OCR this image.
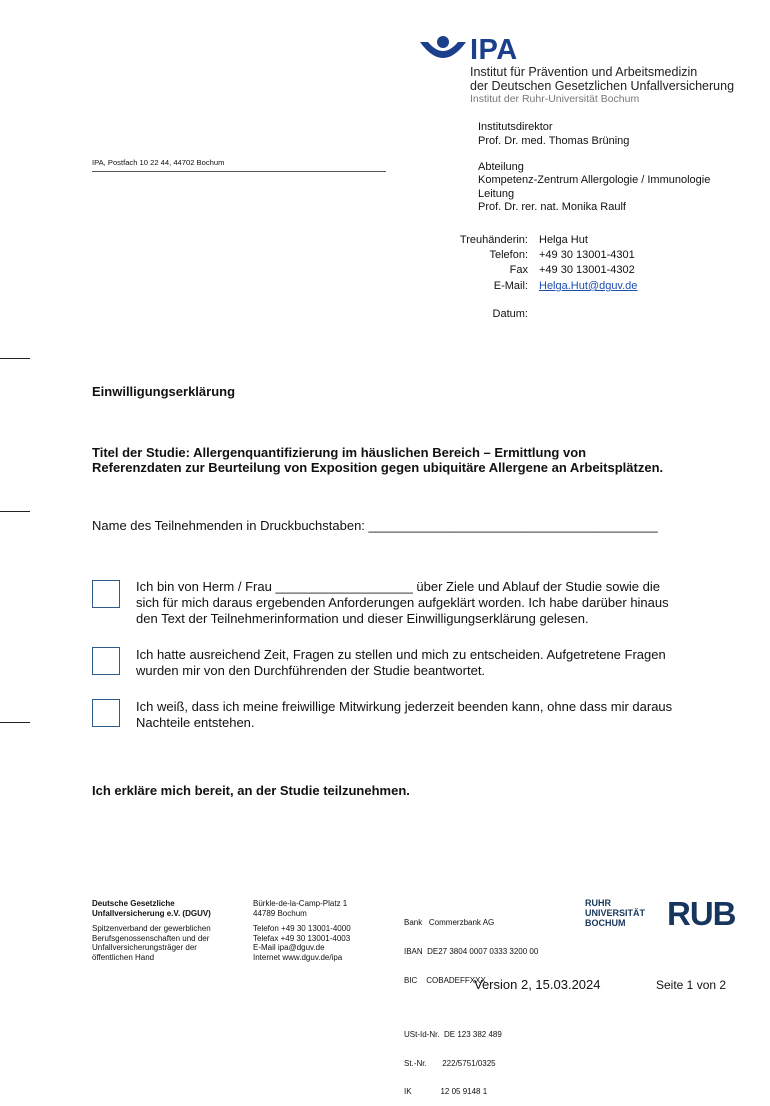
IPA
Institut für Prävention und Arbeitsmedizin
der Deutschen Gesetzlichen Unfallversicherung
Institut der Ruhr-Universität Bochum
Institutsdirektor
Prof. Dr. med. Thomas Brüning
IPA, Postfach 10 22 44, 44702 Bochum	Abteilung
Kompetenz-Zentrum Allergologie / Immunologie
Leitung
Prof. Dr. rer. nat. Monika Raulf
Treuhänderin: Helga Hut
Telefon: +49 30 13001-4301
Fax +49 30 13001-4302
E-Mail: Helga.Hut@dguv.de
Datum:
Einwilligungserklärung
Titel der Studie: Allergenquantifizierung im häuslichen Bereich – Ermittlung von
Referenzdaten zur Beurteilung von Exposition gegen ubiquitäre Allergene an Arbeitsplätzen.
Name des Teilnehmenden in Druckbuchstaben: ________________________________________
Ich bin von Herm / Frau ___________________ über Ziele und Ablauf der Studie sowie die
sich für mich daraus ergebenden Anforderungen aufgeklärt worden. Ich habe darüber hinaus
den Text der Teilnehmerinformation und dieser Einwilligungserklärung gelesen.
Ich hatte ausreichend Zeit, Fragen zu stellen und mich zu entscheiden. Aufgetretene Fragen
wurden mir von den Durchführenden der Studie beantwortet.
Ich weiß, dass ich meine freiwillige Mitwirkung jederzeit beenden kann, ohne dass mir daraus
Nachteile entstehen.
Ich erkläre mich bereit, an der Studie teilzunehmen.
Deutsche Gesetzliche
Unfallversicherung e.V. (DGUV)
Spitzenverband der gewerblichen
Berufsgenossenschaften und der
Unfallversicherungsträger der
öffentlichen Hand
Bürkle-de-la-Camp-Platz 1
44789 Bochum
Telefon +49 30 13001-4000
Telefax +49 30 13001-4003
E-Mail ipa@dguv.de
Internet www.dguv.de/ipa

Bank   Commerzbank AG

IBAN  DE27 3804 0007 0333 3200 00

BIC    COBADEFFXXX

USt-Id-Nr.  DE 123 382 489

St.-Nr.       222/5751/0325

IK             12 05 9148 1

RUHR
UNIVERSITÄT
BOCHUM RUB
Version 2, 15.03.2024	Seite 1 von 2
